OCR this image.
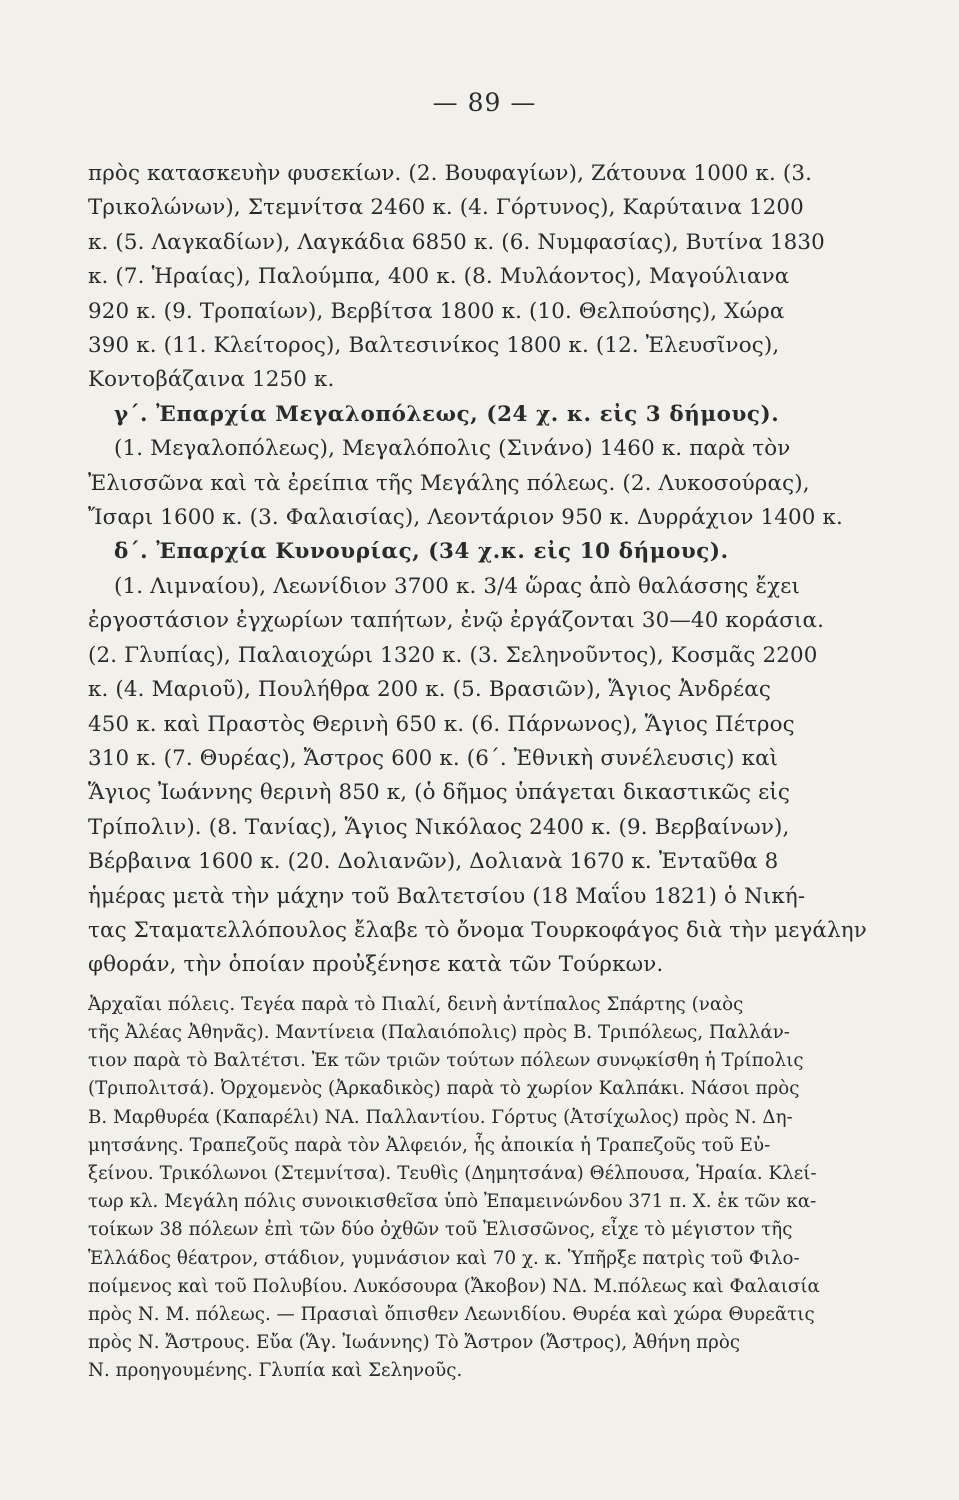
— 89 —
πρὸς κατασκευὴν φυσεκίων. (2. Βουφαγίων), Ζάτουνα 1000 κ. (3.
Τρικολώνων), Στεμνίτσα 2460 κ. (4. Γόρτυνος), Καρύταινα 1200
κ. (5. Λαγκαδίων), Λαγκάδια 6850 κ. (6. Νυμφασίας), Βυτίνα 1830
κ. (7. Ἡραίας), Παλούμπα, 400 κ. (8. Μυλάοντος), Μαγούλιανα
920 κ. (9. Τροπαίων), Βερβίτσα 1800 κ. (10. Θελπούσης), Χώρα
390 κ. (11. Κλείτορος), Βαλτεσινίκος 1800 κ. (12. Ἐλευσῖνος),
Κοντοβάζαινα 1250 κ.
γ΄. Ἐπαρχία Μεγαλοπόλεως, (24 χ. κ. εἰς 3 δήμους).
(1. Μεγαλοπόλεως), Μεγαλόπολις (Σινάνο) 1460 κ. παρὰ τὸν
Ἐλισσῶνα καὶ τὰ ἐρείπια τῆς Μεγάλης πόλεως. (2. Λυκοσούρας),
Ἴσαρι 1600 κ. (3. Φαλαισίας), Λεοντάριον 950 κ. Δυρράχιον 1400 κ.
δ΄. Ἐπαρχία Κυνουρίας, (34 χ.κ. εἰς 10 δήμους).
(1. Λιμναίου), Λεωνίδιον 3700 κ. 3/4 ὥρας ἀπὸ θαλάσσης ἔχει
ἐργοστάσιον ἐγχωρίων ταπήτων, ἐνῷ ἐργάζονται 30—40 κοράσια.
(2. Γλυπίας), Παλαιοχώρι 1320 κ. (3. Σεληνοῦντος), Κοσμᾶς 2200
κ. (4. Μαριοῦ), Πουλήθρα 200 κ. (5. Βρασιῶν), Ἅγιος Ἀνδρέας
450 κ. καὶ Πραστὸς Θερινὴ 650 κ. (6. Πάρνωνος), Ἅγιος Πέτρος
310 κ. (7. Θυρέας), Ἄστρος 600 κ. (6΄. Ἐθνικὴ συνέλευσις) καὶ
Ἅγιος Ἰωάννης θερινὴ 850 κ, (ὁ δῆμος ὑπάγεται δικαστικῶς εἰς
Τρίπολιν). (8. Τανίας), Ἅγιος Νικόλαος 2400 κ. (9. Βερβαίνων),
Βέρβαινα 1600 κ. (20. Δολιανῶν), Δολιανὰ 1670 κ. Ἐνταῦθα 8
ἡμέρας μετὰ τὴν μάχην τοῦ Βαλτετσίου (18 Μαΐου 1821) ὁ Νική-
τας Σταματελλόπουλος ἔλαβε τὸ ὄνομα Τουρκοφάγος διὰ τὴν μεγάλην
φθοράν, τὴν ὁποίαν προὐξένησε κατὰ τῶν Τούρκων.
Ἀρχαῖαι πόλεις. Τεγέα παρὰ τὸ Πιαλί, δεινὴ ἀντίπαλος Σπάρτης (ναὸς
τῆς Ἀλέας Ἀθηνᾶς). Μαντίνεια (Παλαιόπολις) πρὸς Β. Τριπόλεως, Παλλάν-
τιον παρὰ τὸ Βαλτέτσι. Ἐκ τῶν τριῶν τούτων πόλεων συνῳκίσθη ἡ Τρίπολις
(Τριπολιτσά). Ὀρχομενὸς (Ἀρκαδικὸς) παρὰ τὸ χωρίον Καλπάκι. Νάσοι πρὸς
Β. Μαρθυρέα (Καπαρέλι) ΝΑ. Παλλαντίου. Γόρτυς (Ἀτσίχωλος) πρὸς Ν. Δη-
μητσάνης. Τραπεζοῦς παρὰ τὸν Ἀλφειόν, ἧς ἀποικία ἡ Τραπεζοῦς τοῦ Εὐ-
ξείνου. Τρικόλωνοι (Στεμνίτσα). Τευθὶς (Δημητσάνα) Θέλπουσα, Ἡραία. Κλεί-
τωρ κλ. Μεγάλη πόλις συνοικισθεῖσα ὑπὸ Ἐπαμεινώνδου 371 π. Χ. ἐκ τῶν κα-
τοίκων 38 πόλεων ἐπὶ τῶν δύο ὀχθῶν τοῦ Ἐλισσῶνος, εἶχε τὸ μέγιστον τῆς
Ἑλλάδος θέατρον, στάδιον, γυμνάσιον καὶ 70 χ. κ. Ὑπῆρξε πατρὶς τοῦ Φιλο-
ποίμενος καὶ τοῦ Πολυβίου. Λυκόσουρα (Ἄκοβον) ΝΔ. Μ.πόλεως καὶ Φαλαισία
πρὸς Ν. Μ. πόλεως. — Πρασιαὶ ὄπισθεν Λεωνιδίου. Θυρέα καὶ χώρα Θυρεᾶτις
πρὸς Ν. Ἄστρους. Εὔα (Ἅγ. Ἰωάννης) Τὸ Ἄστρον (Ἄστρος), Ἀθήνη πρὸς
Ν. προηγουμένης. Γλυπία καὶ Σεληνοῦς.
